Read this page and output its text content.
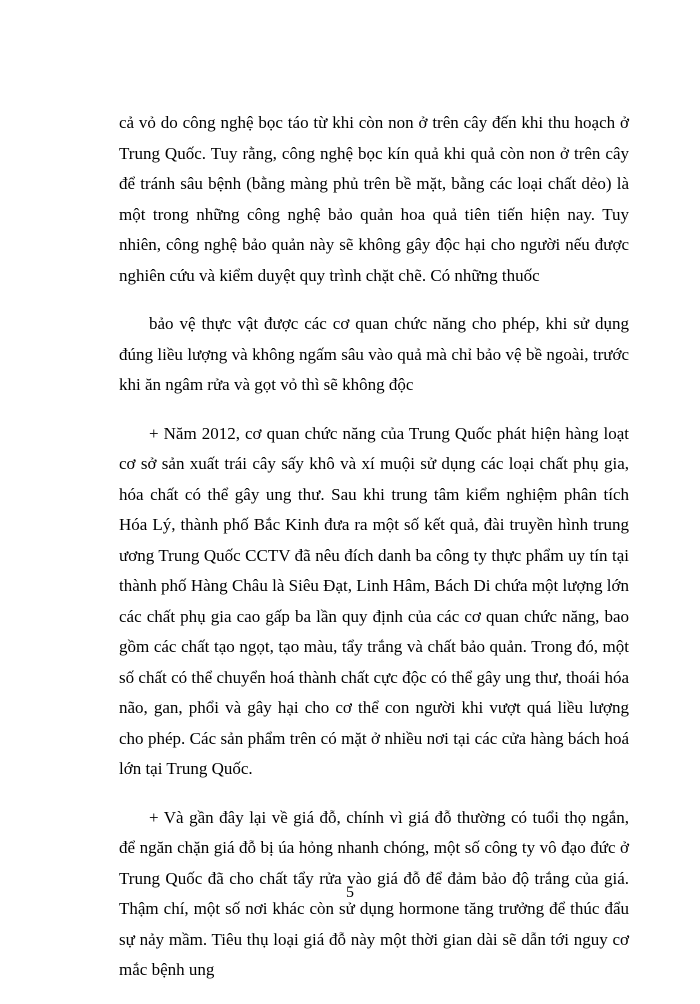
cả vỏ do công nghệ bọc táo từ khi còn non ở trên cây đến khi thu hoạch ở Trung Quốc. Tuy rằng, công nghệ bọc kín quả khi quả còn non ở trên cây để tránh sâu bệnh (bằng màng phủ trên bề mặt, bằng các loại chất dẻo) là một trong những công nghệ bảo quản hoa quả tiên tiến hiện nay. Tuy nhiên, công nghệ bảo quản này sẽ không gây độc hại cho người nếu được nghiên cứu và kiểm duyệt quy trình chặt chẽ. Có những thuốc

bảo vệ thực vật được các cơ quan chức năng cho phép, khi sử dụng đúng liều lượng và không ngấm sâu vào quả mà chỉ bảo vệ bề ngoài, trước khi ăn ngâm rửa và gọt vỏ thì sẽ không độc

+ Năm 2012, cơ quan chức năng của Trung Quốc phát hiện hàng loạt cơ sở sản xuất trái cây sấy khô và xí muội sử dụng các loại chất phụ gia, hóa chất có thể gây ung thư. Sau khi trung tâm kiểm nghiệm phân tích Hóa Lý, thành phố Bắc Kinh đưa ra một số kết quả, đài truyền hình trung ương Trung Quốc CCTV đã nêu đích danh ba công ty thực phẩm uy tín tại thành phố Hàng Châu là Siêu Đạt, Linh Hâm, Bách Di chứa một lượng lớn các chất phụ gia cao gấp ba lần quy định của các cơ quan chức năng, bao gồm các chất tạo ngọt, tạo màu, tẩy trắng và chất bảo quản. Trong đó, một số chất có thể chuyển hoá thành chất cực độc có thể gây ung thư, thoái hóa não, gan, phổi và gây hại cho cơ thể con người khi vượt quá liều lượng cho phép. Các sản phẩm trên có mặt ở nhiều nơi tại các cửa hàng bách hoá lớn tại Trung Quốc.

+ Và gần đây lại về giá đỗ, chính vì giá đỗ thường có tuổi thọ ngắn, để ngăn chặn giá đỗ bị úa hỏng nhanh chóng, một số công ty vô đạo đức ở Trung Quốc đã cho chất tẩy rửa vào giá đỗ để đảm bảo độ trắng của giá. Thậm chí, một số nơi khác còn sử dụng hormone tăng trưởng để thúc đẩu sự nảy mầm. Tiêu thụ loại giá đỗ này một thời gian dài sẽ dẫn tới nguy cơ mắc bệnh ung

5
